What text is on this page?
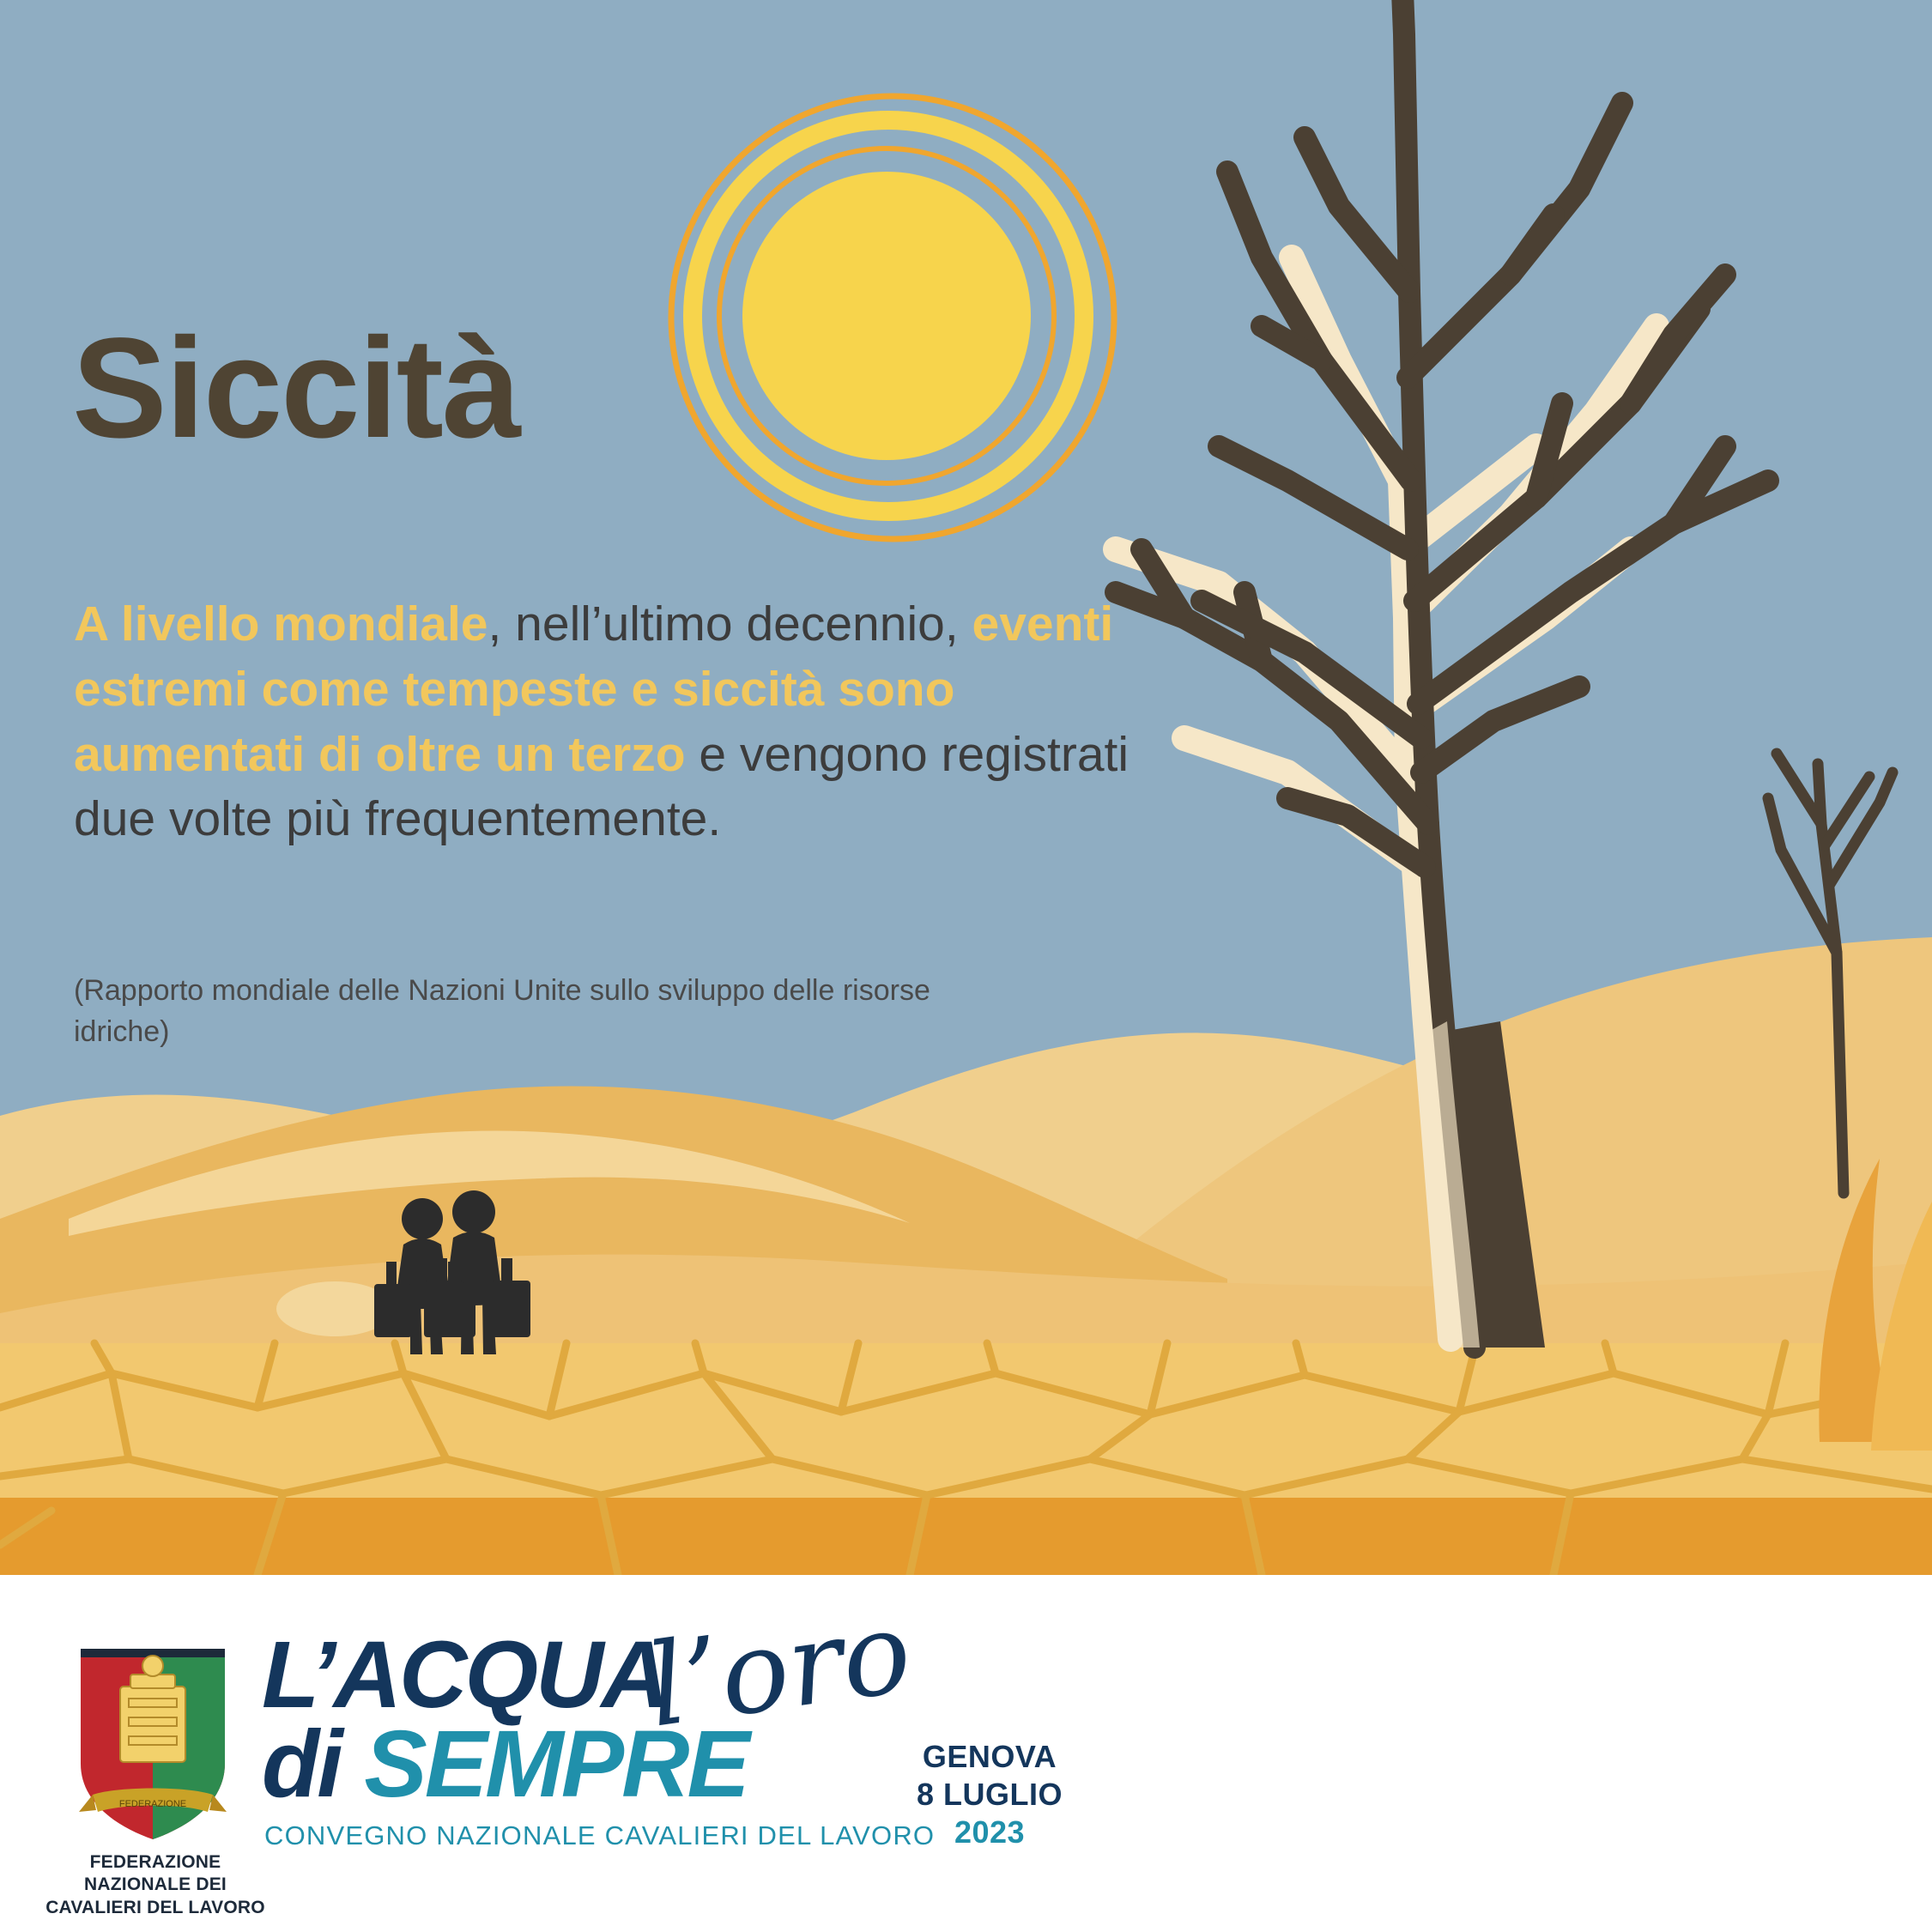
Siccità
A livello mondiale, nell’ultimo decennio, eventi estremi come tempeste e siccità sono aumentati di oltre un terzo e vengono registrati due volte più frequentemente.
(Rapporto mondiale delle Nazioni Unite sullo sviluppo delle risorse idriche)
FEDERAZIONE
FEDERAZIONE NAZIONALE DEI CAVALIERI DEL LAVORO
L’ACQUA
di SEMPRE
l’oro
CONVEGNO NAZIONALE CAVALIERI DEL LAVORO
GENOVA
8 LUGLIO
2023
